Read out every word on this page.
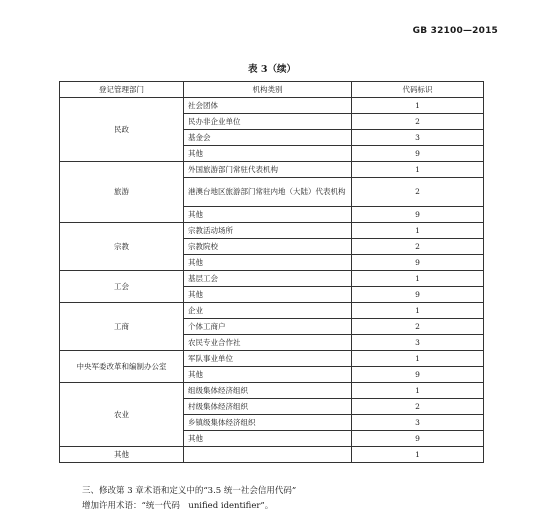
GB 32100—2015
表 3（续）
登记管理部门	机构类别	代码标识
民政	社会团体	1
	民办非企业单位	2
	基金会	3
	其他	9
旅游	外国旅游部门常驻代表机构	1
	港澳台地区旅游部门常驻内地（大陆）代表机构	2
	其他	9
宗教	宗教活动场所	1
	宗教院校	2
	其他	9
工会	基层工会	1
	其他	9
工商	企业	1
	个体工商户	2
	农民专业合作社	3
中央军委改革和编制办公室	军队事业单位	1
	其他	9
农业	组级集体经济组织	1
	村级集体经济组织	2
	乡镇级集体经济组织	3
	其他	9
其他		1
三、修改第 3 章术语和定义中的“3.5 统一社会信用代码”
增加许用术语：“统一代码　unified identifier”。
